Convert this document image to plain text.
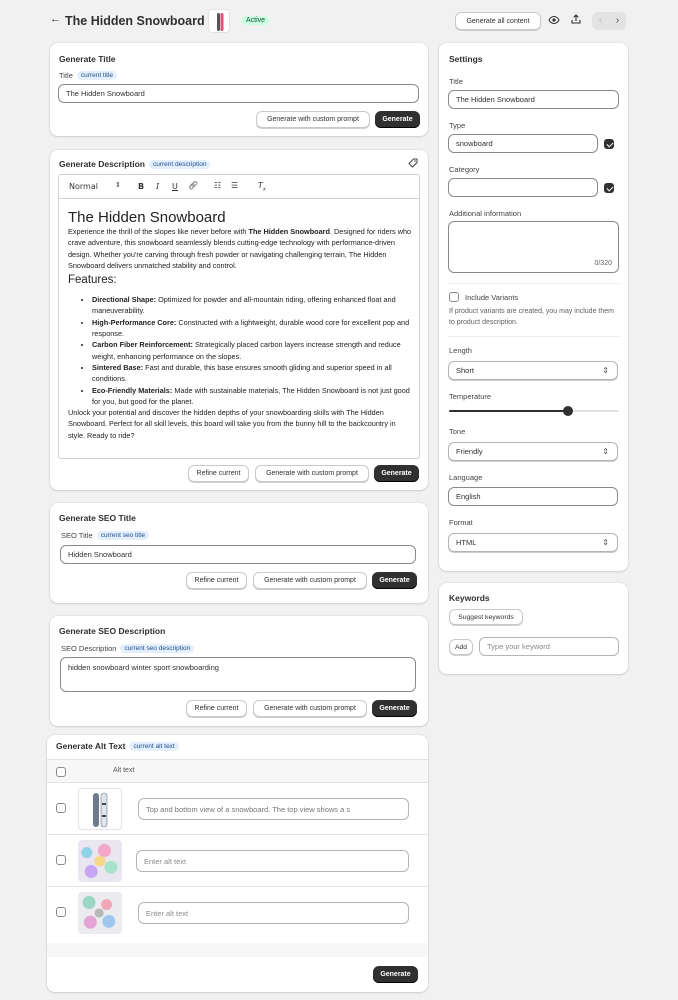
← The Hidden Snowboard	Active	Generate all content	‹	›
Generate Title
Title current title
The Hidden Snowboard
Generate with custom prompt	Generate
Generate Description current description
Normal ⇕ B I U 🔗︎ ☷ ☰ $T_x$
The Hidden Snowboard

Experience the thrill of the slopes like never before with The Hidden Snowboard. Designed for riders who crave adventure, this snowboard seamlessly blends cutting-edge technology with performance-driven design. Whether you're carving through fresh powder or navigating challenging terrain, The Hidden Snowboard delivers unmatched stability and control.

Features:
• Directional Shape: Optimized for powder and all-mountain riding, offering enhanced float and maneuverability.
• High-Performance Core: Constructed with a lightweight, durable wood core for excellent pop and response.
• Carbon Fiber Reinforcement: Strategically placed carbon layers increase strength and reduce weight, enhancing performance on the slopes.
• Sintered Base: Fast and durable, this base ensures smooth gliding and superior speed in all conditions.
• Eco-Friendly Materials: Made with sustainable materials, The Hidden Snowboard is not just good for you, but good for the planet.

Unlock your potential and discover the hidden depths of your snowboarding skills with The Hidden Snowboard. Perfect for all skill levels, this board will take you from the bunny hill to the backcountry in style. Ready to ride?

Refine current	Generate with custom prompt	Generate
Generate SEO Title
SEO Title current seo title
Hidden Snowboard
Refine current	Generate with custom prompt	Generate
Generate SEO Description
SEO Description current seo description
hidden snowboard winter sport snowboarding
Refine current	Generate with custom prompt	Generate
Generate Alt Text current alt text
Alt text
Top and bottom view of a snowboard. The top view shows a s
Enter alt text
Enter alt text
Generate
Settings
Title
The Hidden Snowboard
Type
snowboard
Category
Additional information
0/320
Include Variants
If product variants are created, you may include them to product description.
Length
Short ⇕
Temperature
Tone
Friendly ⇕
Language
English
Format
HTML ⇕
Keywords
Suggest keywords
Add	Type your keyword
